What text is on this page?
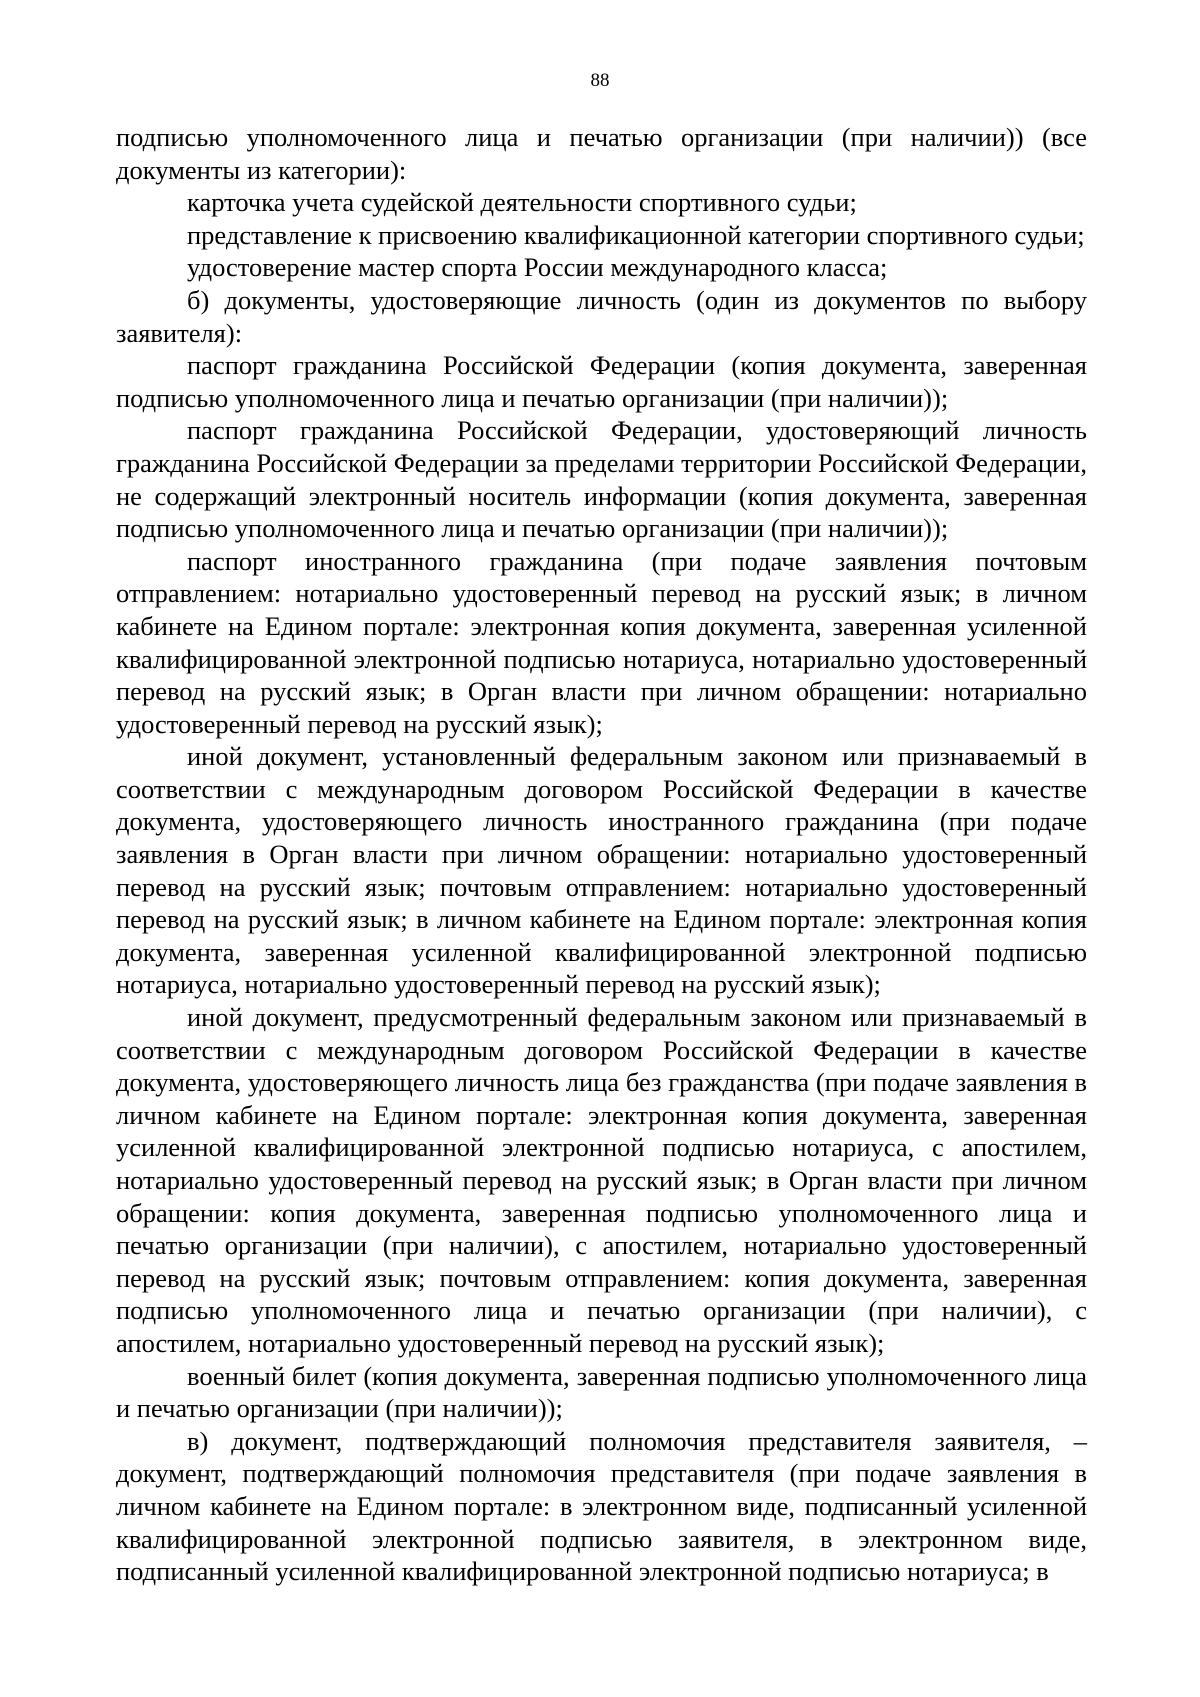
88

подписью уполномоченного лица и печатью организации (при наличии)) (все документы из категории):

карточка учета судейской деятельности спортивного судьи;

представление к присвоению квалификационной категории спортивного судьи;

удостоверение мастер спорта России международного класса;

б) документы, удостоверяющие личность (один из документов по выбору заявителя):

паспорт гражданина Российской Федерации (копия документа, заверенная подписью уполномоченного лица и печатью организации (при наличии));

паспорт гражданина Российской Федерации, удостоверяющий личность гражданина Российской Федерации за пределами территории Российской Федерации, не содержащий электронный носитель информации (копия документа, заверенная подписью уполномоченного лица и печатью организации (при наличии));

паспорт иностранного гражданина (при подаче заявления почтовым отправлением: нотариально удостоверенный перевод на русский язык; в личном кабинете на Едином портале: электронная копия документа, заверенная усиленной квалифицированной электронной подписью нотариуса, нотариально удостоверенный перевод на русский язык; в Орган власти при личном обращении: нотариально удостоверенный перевод на русский язык);

иной документ, установленный федеральным законом или признаваемый в соответствии с международным договором Российской Федерации в качестве документа, удостоверяющего личность иностранного гражданина (при подаче заявления в Орган власти при личном обращении: нотариально удостоверенный перевод на русский язык; почтовым отправлением: нотариально удостоверенный перевод на русский язык; в личном кабинете на Едином портале: электронная копия документа, заверенная усиленной квалифицированной электронной подписью нотариуса, нотариально удостоверенный перевод на русский язык);

иной документ, предусмотренный федеральным законом или признаваемый в соответствии с международным договором Российской Федерации в качестве документа, удостоверяющего личность лица без гражданства (при подаче заявления в личном кабинете на Едином портале: электронная копия документа, заверенная усиленной квалифицированной электронной подписью нотариуса, с апостилем, нотариально удостоверенный перевод на русский язык; в Орган власти при личном обращении: копия документа, заверенная подписью уполномоченного лица и печатью организации (при наличии), с апостилем, нотариально удостоверенный перевод на русский язык; почтовым отправлением: копия документа, заверенная подписью уполномоченного лица и печатью организации (при наличии), с апостилем, нотариально удостоверенный перевод на русский язык);

военный билет (копия документа, заверенная подписью уполномоченного лица и печатью организации (при наличии));

в) документ, подтверждающий полномочия представителя заявителя, – документ, подтверждающий полномочия представителя (при подаче заявления в личном кабинете на Едином портале: в электронном виде, подписанный усиленной квалифицированной электронной подписью заявителя, в электронном виде, подписанный усиленной квалифицированной электронной подписью нотариуса; в
